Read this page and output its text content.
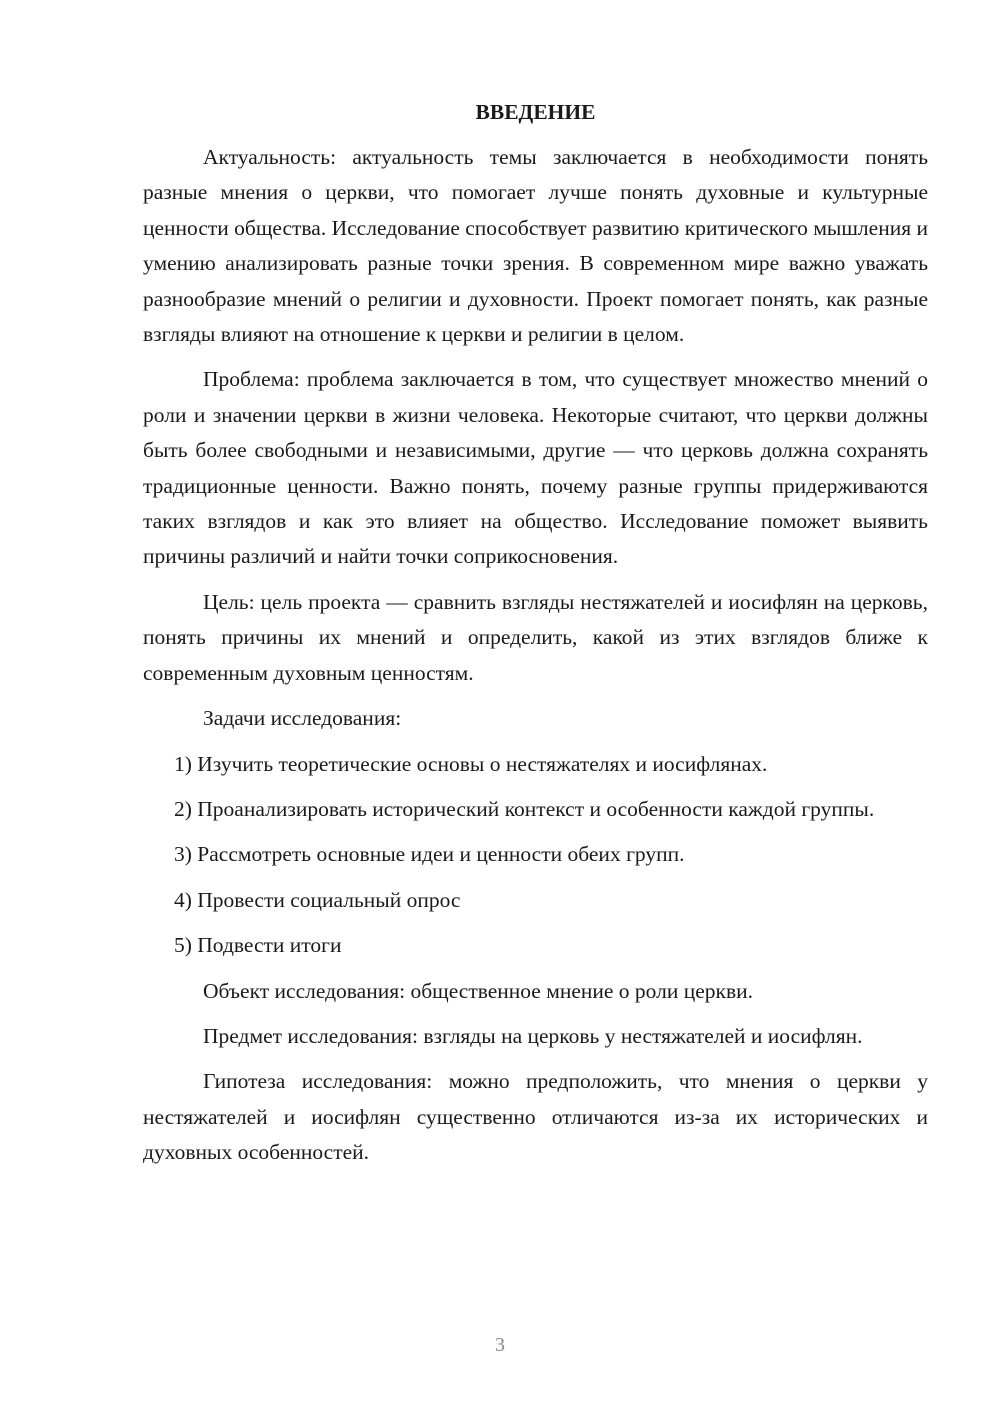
ВВЕДЕНИЕ

Актуальность: актуальность темы заключается в необходимости понять разные мнения о церкви, что помогает лучше понять духовные и культурные ценности общества. Исследование способствует развитию критического мышления и умению анализировать разные точки зрения. В современном мире важно уважать разнообразие мнений о религии и духовности. Проект помогает понять, как разные взгляды влияют на отношение к церкви и религии в целом.

Проблема: проблема заключается в том, что существует множество мнений о роли и значении церкви в жизни человека. Некоторые считают, что церкви должны быть более свободными и независимыми, другие — что церковь должна сохранять традиционные ценности. Важно понять, почему разные группы придерживаются таких взглядов и как это влияет на общество. Исследование поможет выявить причины различий и найти точки соприкосновения.

Цель: цель проекта — сравнить взгляды нестяжателей и иосифлян на церковь, понять причины их мнений и определить, какой из этих взглядов ближе к современным духовным ценностям.

Задачи исследования:

1) Изучить теоретические основы о нестяжателях и иосифлянах.

2) Проанализировать исторический контекст и особенности каждой группы.

3) Рассмотреть основные идеи и ценности обеих групп.

4) Провести социальный опрос

5) Подвести итоги

Объект исследования: общественное мнение о роли церкви.

Предмет исследования: взгляды на церковь у нестяжателей и иосифлян.

Гипотеза исследования: можно предположить, что мнения о церкви у нестяжателей и иосифлян существенно отличаются из-за их исторических и духовных особенностей.

3
